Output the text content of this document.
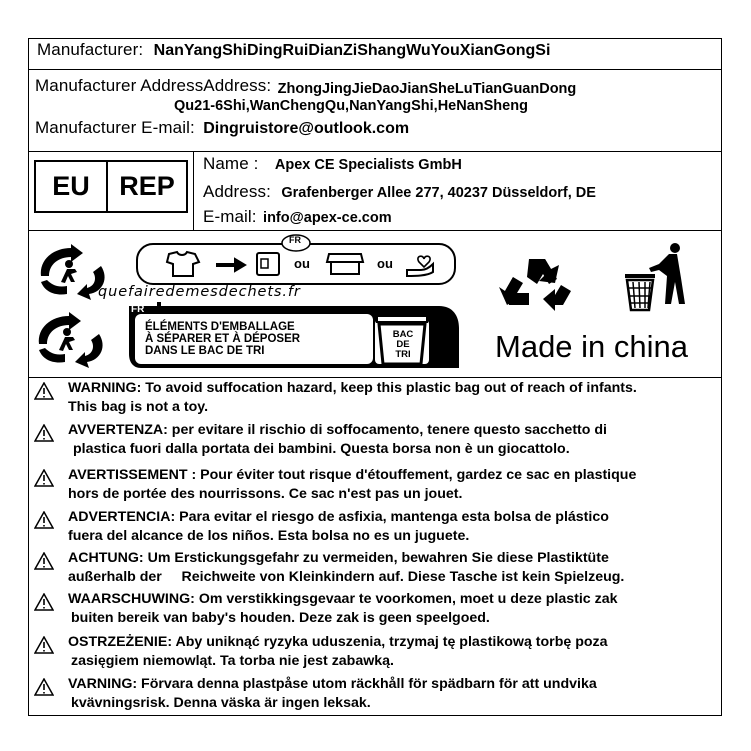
Manufacturer: NanYangShiDingRuiDianZiShangWuYouXianGongSi
Manufacturer AddressAddress: ZhongJingJieDaoJianSheLuTianGuanDong
Qu21-6Shi,WanChengQu,NanYangShi,HeNanSheng
Manufacturer E-mail: Dingruistore@outlook.com
EU	REP
Name : Apex CE Specialists GmbH
Address: Grafenberger Allee 277, 40237 Düsseldorf, DE
E-mail: info@apex-ce.com
FR
ou	ou
quefairedemesdechets.fr
FR
ÉLÉMENTS D'EMBALLAGE
À SÉPARER ET À DÉPOSER
DANS LE BAC DE TRI
BAC
DE
TRI	Made in china
WARNING: To avoid suffocation hazard, keep this plastic bag out of reach of infants.
This bag is not a toy.
AVVERTENZA: per evitare il rischio di soffocamento, tenere questo sacchetto di
plastica fuori dalla portata dei bambini. Questa borsa non è un giocattolo.
AVERTISSEMENT : Pour éviter tout risque d'étouffement, gardez ce sac en plastique
hors de portée des nourrissons. Ce sac n'est pas un jouet.
ADVERTENCIA: Para evitar el riesgo de asfixia, mantenga esta bolsa de plástico
fuera del alcance de los niños. Esta bolsa no es un juguete.
ACHTUNG: Um Erstickungsgefahr zu vermeiden, bewahren Sie diese Plastiktüte
außerhalb der     Reichweite von Kleinkindern auf. Diese Tasche ist kein Spielzeug.
WAARSCHUWING: Om verstikkingsgevaar te voorkomen, moet u deze plastic zak
buiten bereik van baby's houden. Deze zak is geen speelgoed.
OSTRZEŻENIE: Aby uniknąć ryzyka uduszenia, trzymaj tę plastikową torbę poza
zasięgiem niemowląt. Ta torba nie jest zabawką.
VARNING: Förvara denna plastpåse utom räckhåll för spädbarn för att undvika
kvävningsrisk. Denna väska är ingen leksak.
